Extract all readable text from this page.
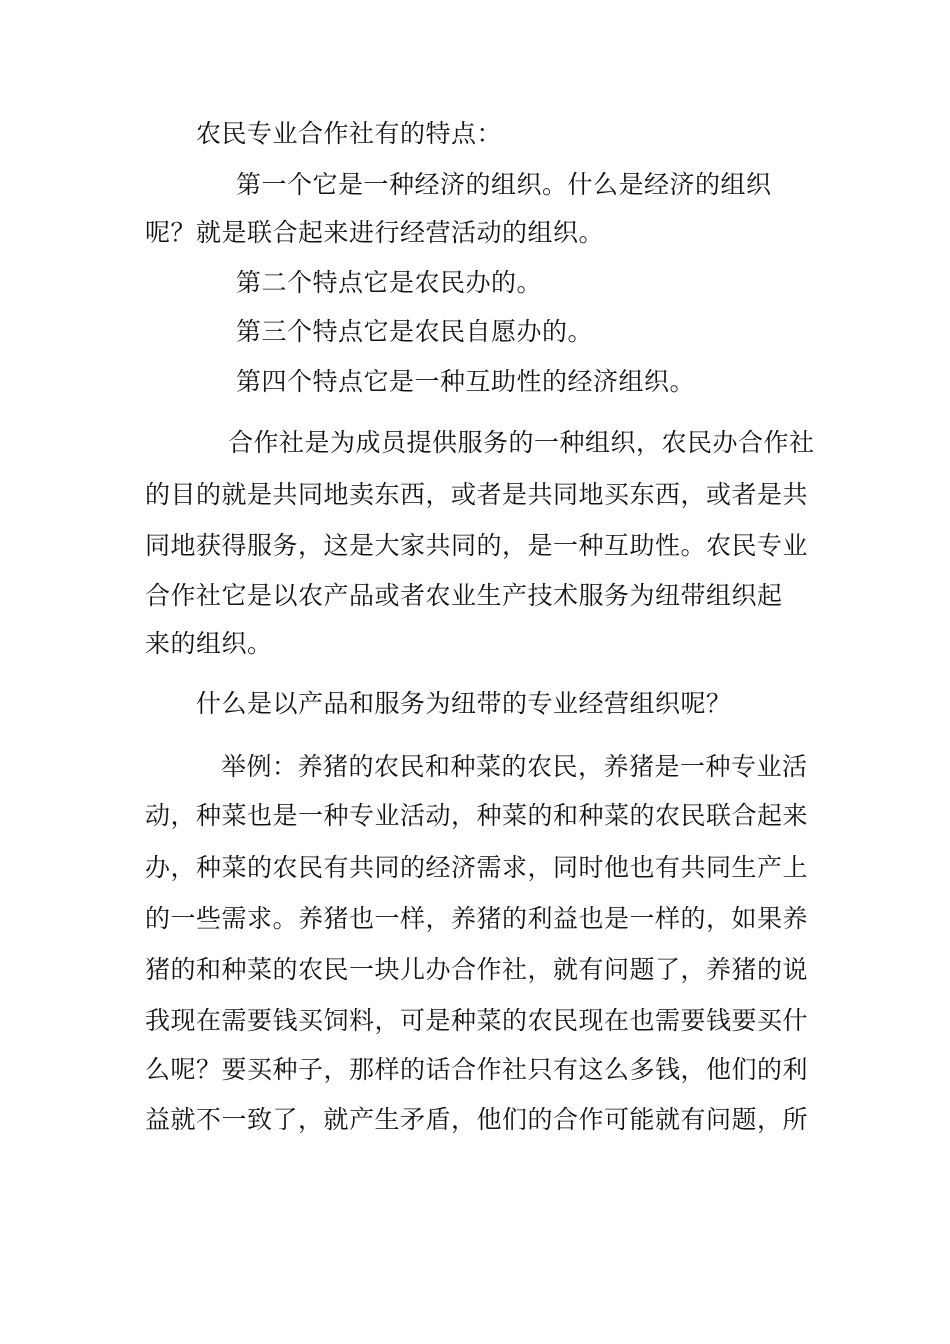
农民专业合作社有的特点：
第一个它是一种经济的组织。什么是经济的组织
呢？就是联合起来进行经营活动的组织。
第二个特点它是农民办的。
第三个特点它是农民自愿办的。
第四个特点它是一种互助性的经济组织。
合作社是为成员提供服务的一种组织，农民办合作社
的目的就是共同地卖东西，或者是共同地买东西，或者是共
同地获得服务，这是大家共同的，是一种互助性。农民专业
合作社它是以农产品或者农业生产技术服务为纽带组织起
来的组织。
什么是以产品和服务为纽带的专业经营组织呢？
举例：养猪的农民和种菜的农民，养猪是一种专业活
动，种菜也是一种专业活动，种菜的和种菜的农民联合起来
办，种菜的农民有共同的经济需求，同时他也有共同生产上
的一些需求。养猪也一样，养猪的利益也是一样的，如果养
猪的和种菜的农民一块儿办合作社，就有问题了，养猪的说
我现在需要钱买饲料，可是种菜的农民现在也需要钱要买什
么呢？要买种子，那样的话合作社只有这么多钱，他们的利
益就不一致了，就产生矛盾，他们的合作可能就有问题，所
